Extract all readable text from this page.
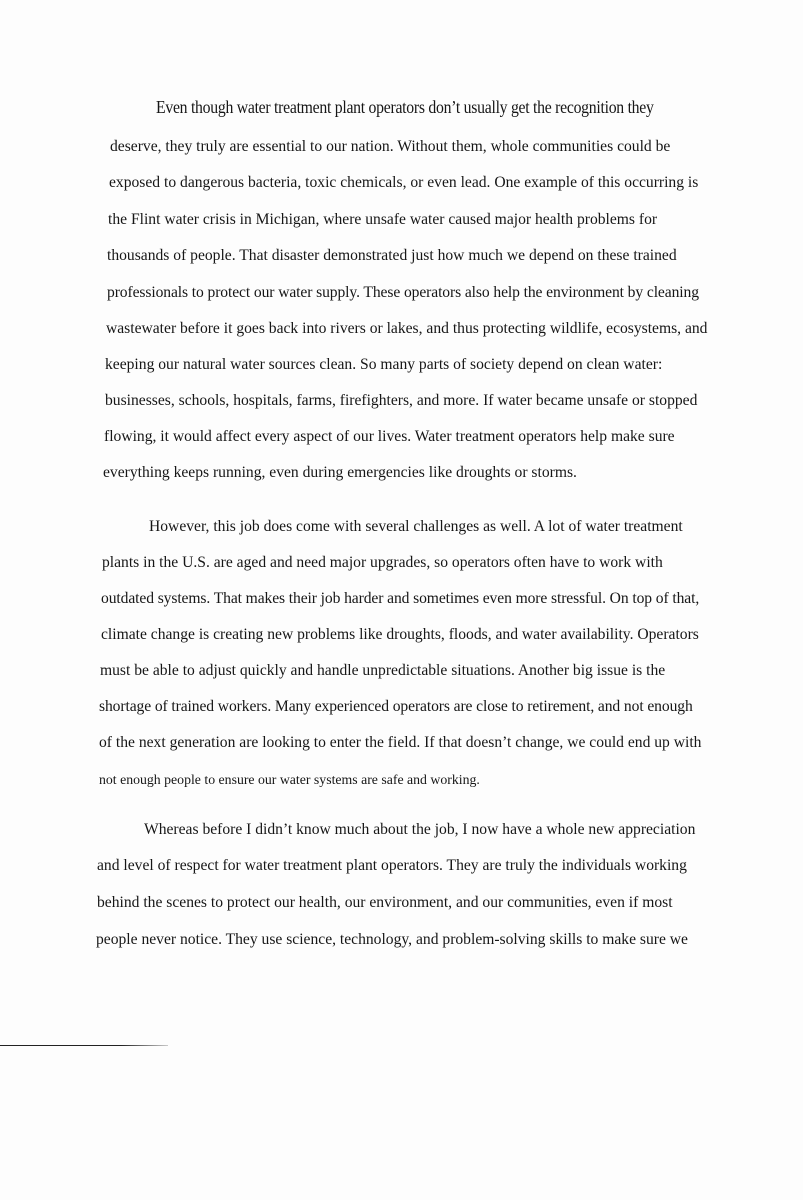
Even though water treatment plant operators don’t usually get the recognition they
deserve, they truly are essential to our nation. Without them, whole communities could be
exposed to dangerous bacteria, toxic chemicals, or even lead. One example of this occurring is
the Flint water crisis in Michigan, where unsafe water caused major health problems for
thousands of people. That disaster demonstrated just how much we depend on these trained
professionals to protect our water supply. These operators also help the environment by cleaning
wastewater before it goes back into rivers or lakes, and thus protecting wildlife, ecosystems, and
keeping our natural water sources clean. So many parts of society depend on clean water:
businesses, schools, hospitals, farms, firefighters, and more. If water became unsafe or stopped
flowing, it would affect every aspect of our lives. Water treatment operators help make sure
everything keeps running, even during emergencies like droughts or storms.
However, this job does come with several challenges as well. A lot of water treatment
plants in the U.S. are aged and need major upgrades, so operators often have to work with
outdated systems. That makes their job harder and sometimes even more stressful. On top of that,
climate change is creating new problems like droughts, floods, and water availability. Operators
must be able to adjust quickly and handle unpredictable situations. Another big issue is the
shortage of trained workers. Many experienced operators are close to retirement, and not enough
of the next generation are looking to enter the field. If that doesn’t change, we could end up with
not enough people to ensure our water systems are safe and working.
Whereas before I didn’t know much about the job, I now have a whole new appreciation
and level of respect for water treatment plant operators. They are truly the individuals working
behind the scenes to protect our health, our environment, and our communities, even if most
people never notice. They use science, technology, and problem-solving skills to make sure we
